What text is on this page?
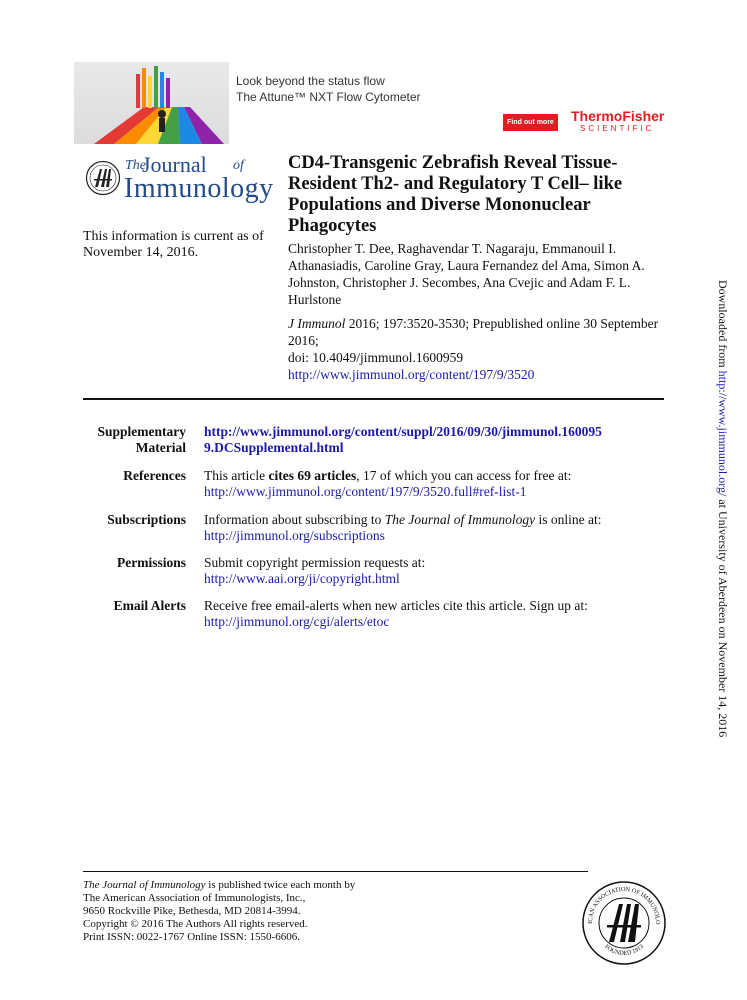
Look beyond the status flow
The Attune™ NXT Flow Cytometer
Find out more ThermoFisher
SCIENTIFIC
The
Journal of
Immunology
This information is current as of November 14, 2016.
CD4-Transgenic Zebrafish Reveal Tissue-Resident Th2- and Regulatory T Cell– like Populations and Diverse Mononuclear Phagocytes
Christopher T. Dee, Raghavendar T. Nagaraju, Emmanouil I. Athanasiadis, Caroline Gray, Laura Fernandez del Ama, Simon A. Johnston, Christopher J. Secombes, Ana Cvejic and Adam F. L. Hurlstone
J Immunol 2016; 197:3520-3530; Prepublished online 30 September 2016;
doi: 10.4049/jimmunol.1600959
http://www.jimmunol.org/content/197/9/3520
Supplementary Material
http://www.jimmunol.org/content/suppl/2016/09/30/jimmunol.160095
9.DCSupplemental.html
References This article cites 69 articles, 17 of which you can access for free at:
http://www.jimmunol.org/content/197/9/3520.full#ref-list-1
Subscriptions Information about subscribing to The Journal of Immunology is online at:
http://jimmunol.org/subscriptions
Permissions Submit copyright permission requests at:
http://www.aai.org/ji/copyright.html
Email Alerts Receive free email-alerts when new articles cite this article. Sign up at:
http://jimmunol.org/cgi/alerts/etoc
The Journal of Immunology is published twice each month by
The American Association of Immunologists, Inc.,
9650 Rockville Pike, Bethesda, MD 20814-3994.
Copyright © 2016 The Authors All rights reserved.
Print ISSN: 0022-1767 Online ISSN: 1550-6606.
ICAN ASSOCIATION OF IMMUNOLO
FOUNDED 1913
Downloaded from http://www.jimmunol.org/ at University of Aberdeen on November 14, 2016
